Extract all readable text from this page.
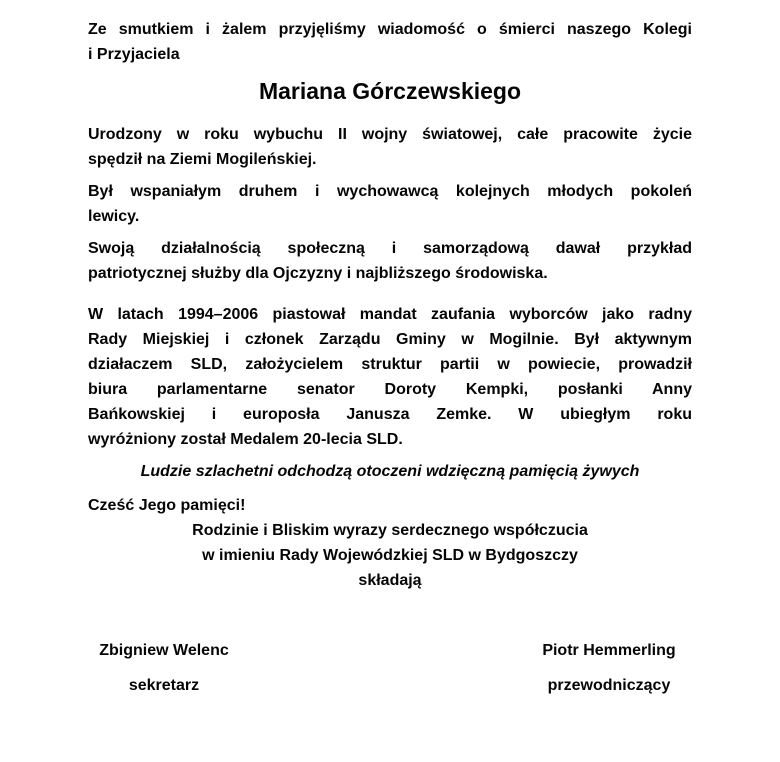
Ze smutkiem i żalem przyjęliśmy wiadomość o śmierci naszego Kolegi
i Przyjaciela

Mariana Górczewskiego

Urodzony w roku wybuchu II wojny światowej, całe pracowite życie
spędził na Ziemi Mogileńskiej.

Był wspaniałym druhem i wychowawcą kolejnych młodych pokoleń
lewicy.

Swoją działalnością społeczną i samorządową dawał przykład
patriotycznej służby dla Ojczyzny i najbliższego środowiska.

W latach 1994–2006 piastował mandat zaufania wyborców jako radny
Rady Miejskiej i członek Zarządu Gminy w Mogilnie. Był aktywnym
działaczem SLD, założycielem struktur partii w powiecie, prowadził
biura parlamentarne senator Doroty Kempki, posłanki Anny
Bańkowskiej i europosła Janusza Zemke. W ubiegłym roku
wyróżniony został Medalem 20-lecia SLD.

Ludzie szlachetni odchodzą otoczeni wdzięczną pamięcią żywych

Cześć Jego pamięci!

Rodzinie i Bliskim wyrazy serdecznego współczucia

w imieniu Rady Wojewódzkiej SLD w Bydgoszczy

składają

Zbigniew Welenc
sekretarz
Piotr Hemmerling
przewodniczący
